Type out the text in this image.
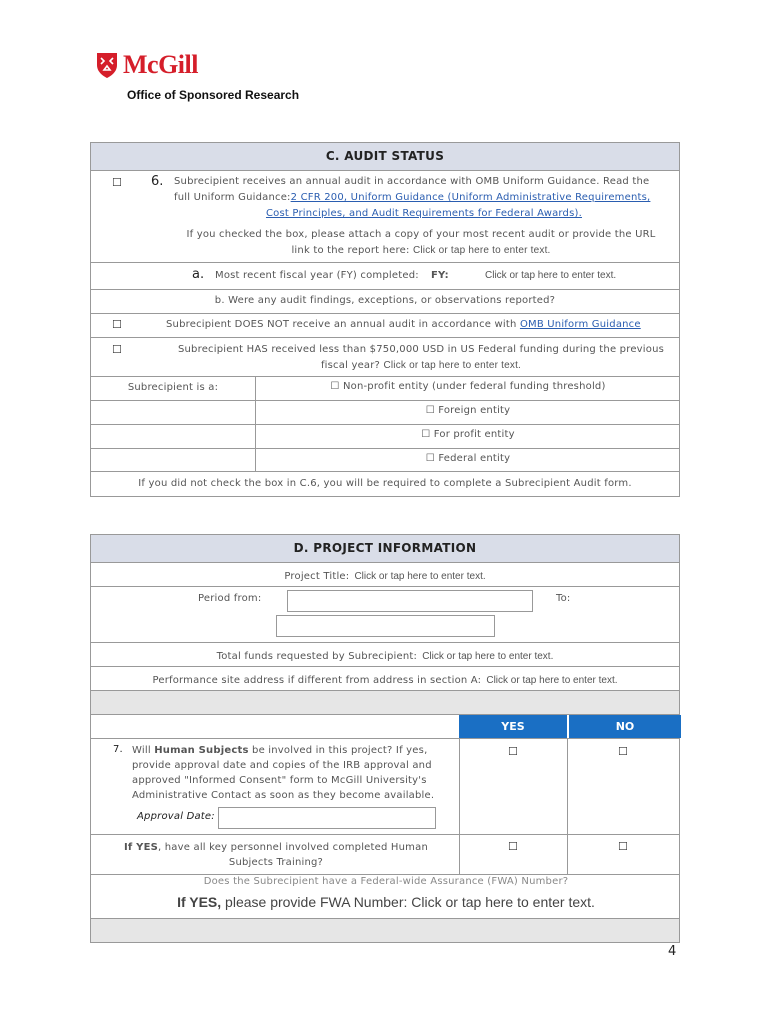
McGill
Office of Sponsored Research
C. AUDIT STATUS
☐ 6. Subrecipient receives an annual audit in accordance with OMB Uniform Guidance. Read the
full Uniform Guidance:2 CFR 200, Uniform Guidance (Uniform Administrative Requirements,
Cost Principles, and Audit Requirements for Federal Awards).
If you checked the box, please attach a copy of your most recent audit or provide the URL
link to the report here: Click or tap here to enter text.
a. Most recent fiscal year (FY) completed: FY:	Click or tap here to enter text.
b. Were any audit findings, exceptions, or observations reported?
☐	Subrecipient DOES NOT receive an annual audit in accordance with OMB Uniform Guidance
☐	Subrecipient HAS received less than $750,000 USD in US Federal funding during the previous
fiscal year? Click or tap here to enter text.
Subrecipient is a:	☐ Non-profit entity (under federal funding threshold)
☐ Foreign entity
☐ For profit entity
☐ Federal entity
If you did not check the box in C.6, you will be required to complete a Subrecipient Audit form.
D. PROJECT INFORMATION
Project Title: Click or tap here to enter text.
Period from:	To:
Total funds requested by Subrecipient: Click or tap here to enter text.
Performance site address if different from address in section A: Click or tap here to enter text.
YES	NO
7. Will Human Subjects be involved in this project? If yes,
provide approval date and copies of the IRB approval and
approved "Informed Consent" form to McGill University's
Administrative Contact as soon as they become available.
Approval Date:
☐	☐
If YES, have all key personnel involved completed Human
Subjects Training?
☐	☐
Does the Subrecipient have a Federal-wide Assurance (FWA) Number?
If YES, please provide FWA Number: Click or tap here to enter text.
4
